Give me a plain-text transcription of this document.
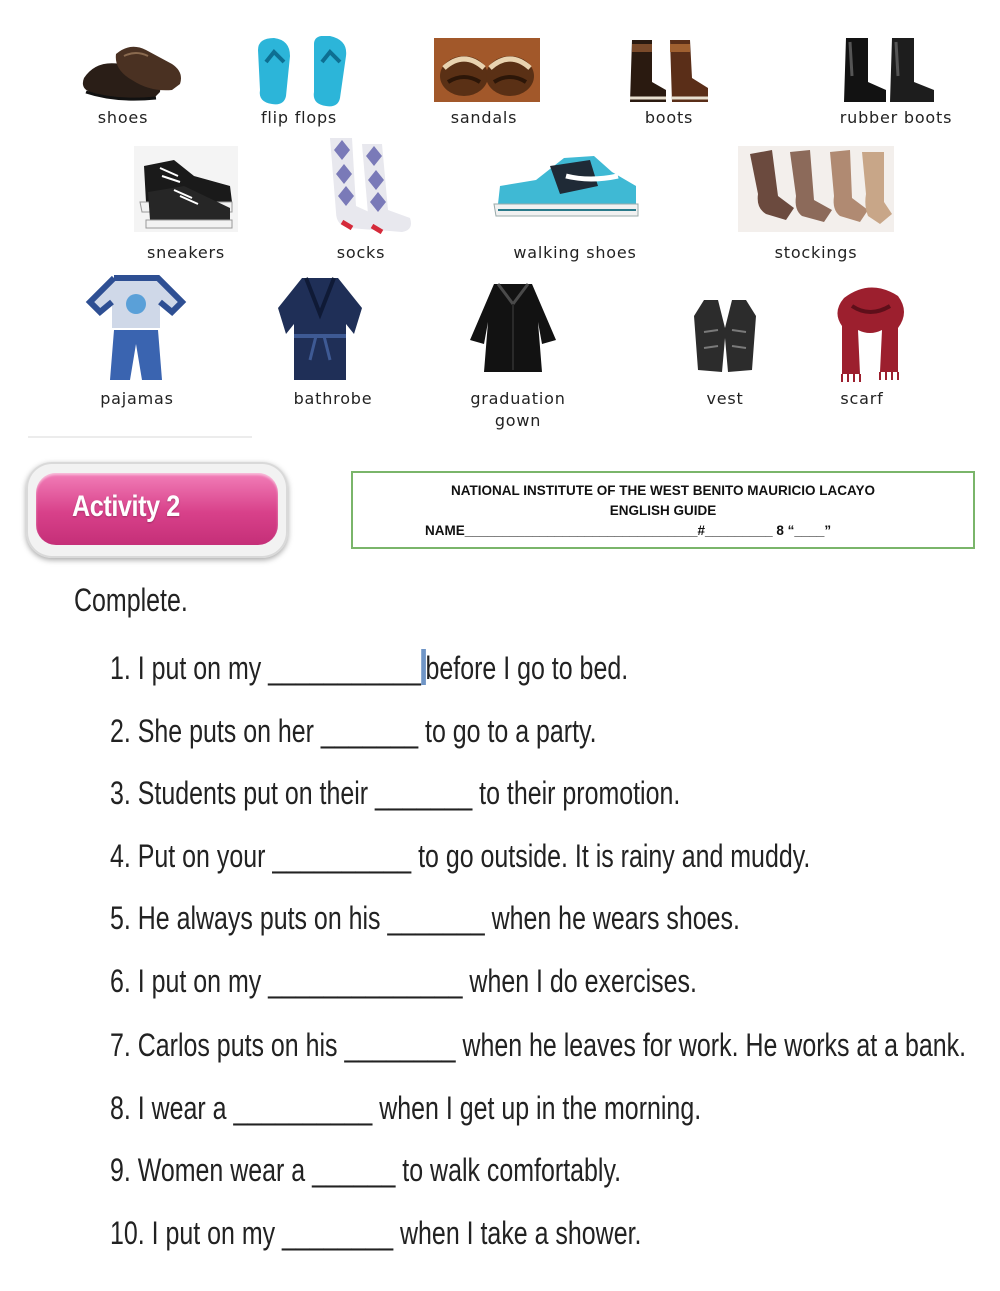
shoes	flip flops	sandals	boots	rubber boots
sneakers	socks	walking shoes	stockings
pajamas	bathrobe	graduation
gown
vest	scarf
Activity 2	NATIONAL INSTITUTE OF THE WEST BENITO MAURICIO LACAYO
ENGLISH GUIDE
NAME_______________________________#_________ 8 “____”
Complete.
1. I put on my ___________ before I go to bed.
2. She puts on her _______ to go to a party.
3. Students put on their _______ to their promotion.
4. Put on your __________ to go outside. It is rainy and muddy.
5. He always puts on his _______ when he wears shoes.
6. I put on my ______________ when I do exercises.
7. Carlos puts on his ________ when he leaves for work. He works at a bank.
8. I wear a __________ when I get up in the morning.
9. Women wear a ______ to walk comfortably.
10. I put on my ________ when I take a shower.
